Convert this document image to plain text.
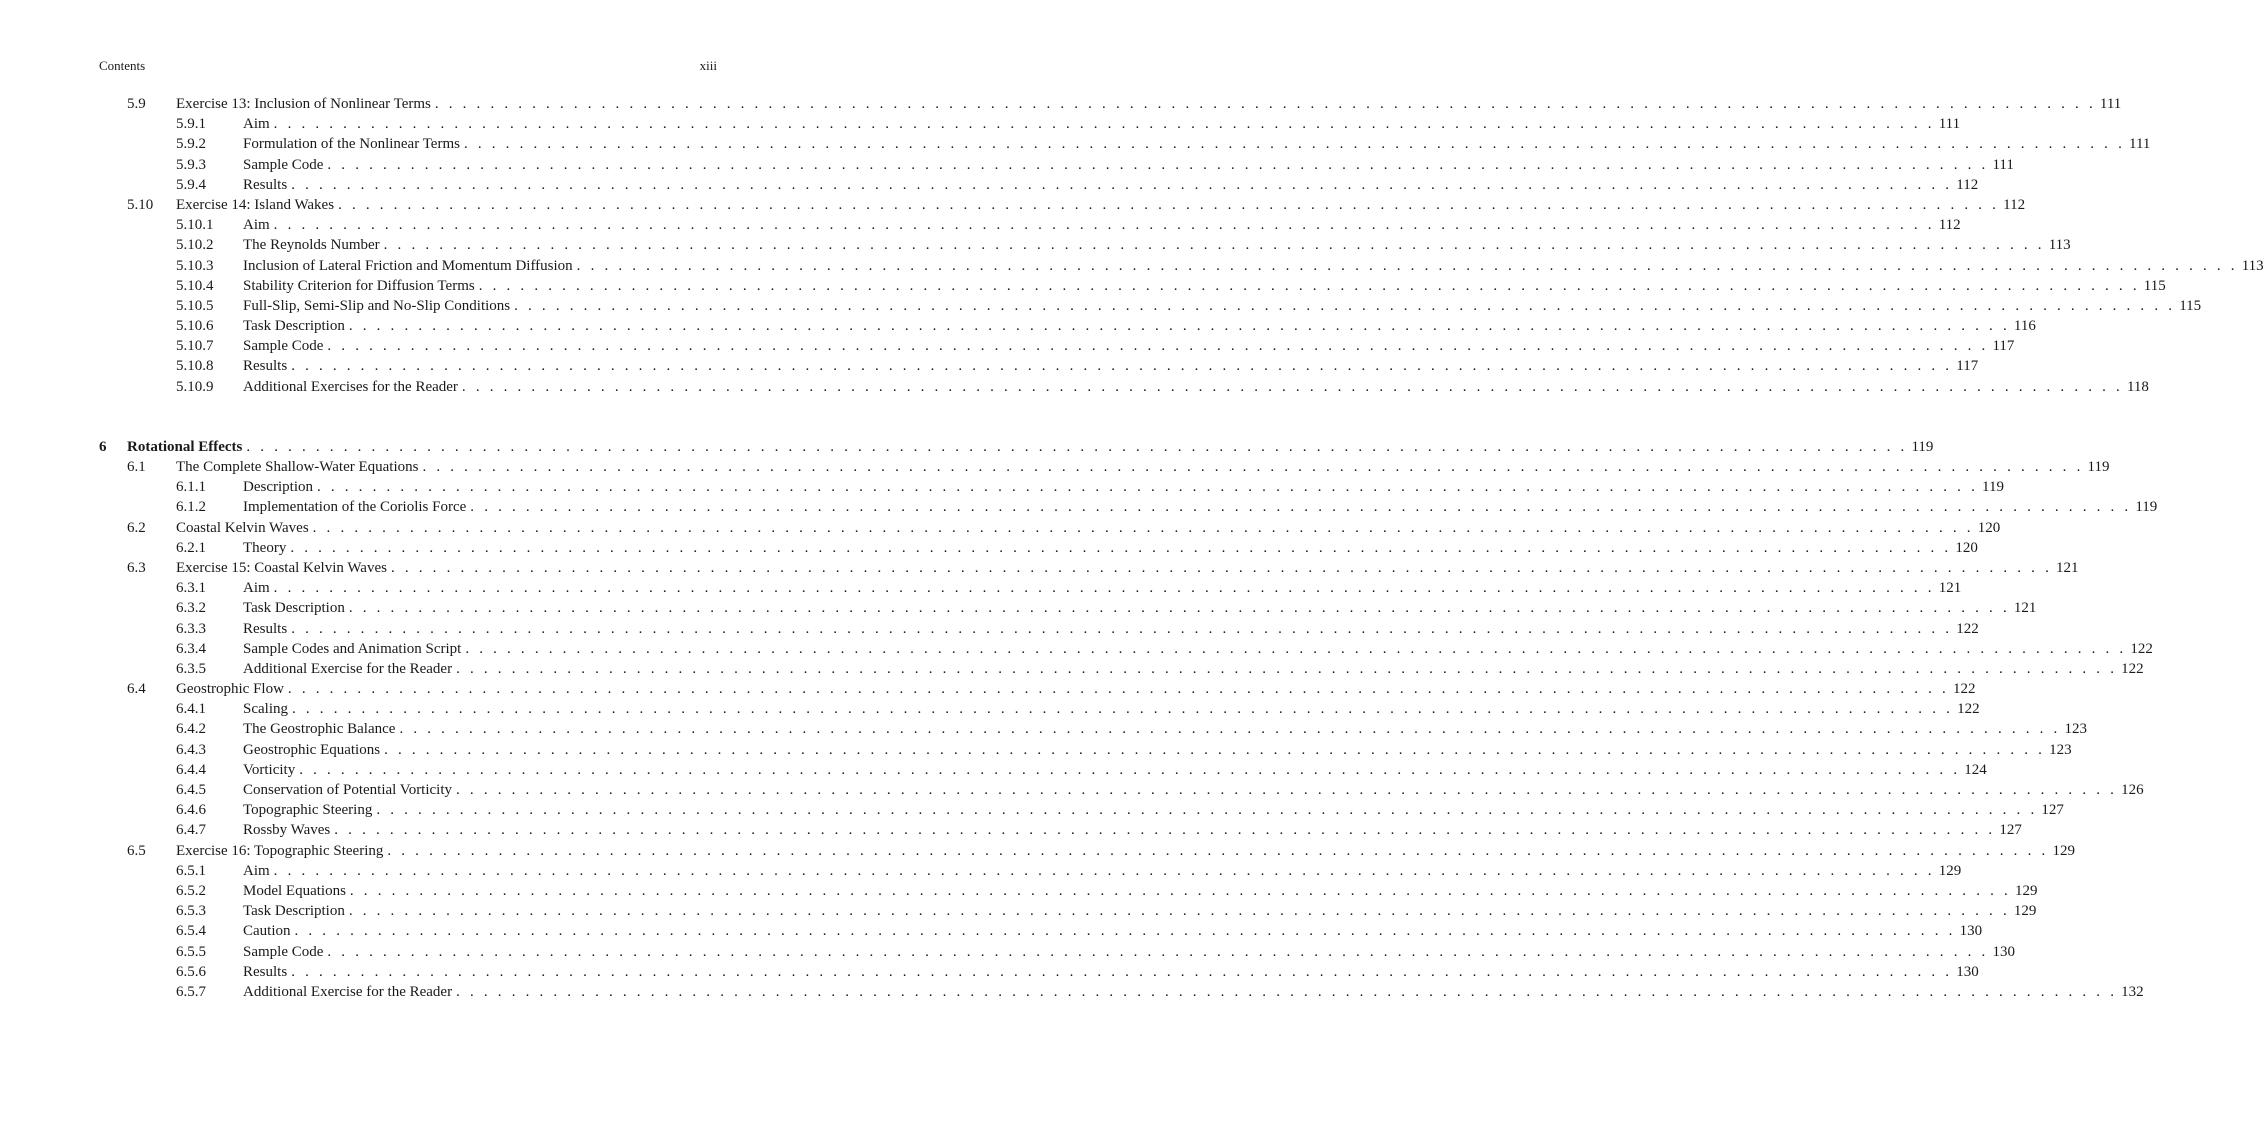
Contents	xiii
5.9 Exercise 13: Inclusion of Nonlinear Terms . . . . . . . . . . . . . . . . . . . . . . . . . . . . . . . . . . . . . . . . . . . . . . . . . . . . . . . . . . . . . . . . . . . . . . . . . . . . . . . . . . . . . . . . . . . . . . . . . . . . . . . . . . . . . . . . . . . . . . . . 111
5.9.1 Aim . . . . . . . . . . . . . . . . . . . . . . . . . . . . . . . . . . . . . . . . . . . . . . . . . . . . . . . . . . . . . . . . . . . . . . . . . . . . . . . . . . . . . . . . . . . . . . . . . . . . . . . . . . . . . . . . . . . . . . . . 111
5.9.2 Formulation of the Nonlinear Terms . . . . . . . . . . . . . . . . . . . . . . . . . . . . . . . . . . . . . . . . . . . . . . . . . . . . . . . . . . . . . . . . . . . . . . . . . . . . . . . . . . . . . . . . . . . . . . . . . . . . . . . . . . . . . . . . . . . . . . . . 111
5.9.3 Sample Code . . . . . . . . . . . . . . . . . . . . . . . . . . . . . . . . . . . . . . . . . . . . . . . . . . . . . . . . . . . . . . . . . . . . . . . . . . . . . . . . . . . . . . . . . . . . . . . . . . . . . . . . . . . . . . . . . . . . . . . . 111
5.9.4 Results . . . . . . . . . . . . . . . . . . . . . . . . . . . . . . . . . . . . . . . . . . . . . . . . . . . . . . . . . . . . . . . . . . . . . . . . . . . . . . . . . . . . . . . . . . . . . . . . . . . . . . . . . . . . . . . . . . . . . . . . 112
5.10 Exercise 14: Island Wakes . . . . . . . . . . . . . . . . . . . . . . . . . . . . . . . . . . . . . . . . . . . . . . . . . . . . . . . . . . . . . . . . . . . . . . . . . . . . . . . . . . . . . . . . . . . . . . . . . . . . . . . . . . . . . . . . . . . . . . . . 112
5.10.1 Aim . . . . . . . . . . . . . . . . . . . . . . . . . . . . . . . . . . . . . . . . . . . . . . . . . . . . . . . . . . . . . . . . . . . . . . . . . . . . . . . . . . . . . . . . . . . . . . . . . . . . . . . . . . . . . . . . . . . . . . . . 112
5.10.2 The Reynolds Number . . . . . . . . . . . . . . . . . . . . . . . . . . . . . . . . . . . . . . . . . . . . . . . . . . . . . . . . . . . . . . . . . . . . . . . . . . . . . . . . . . . . . . . . . . . . . . . . . . . . . . . . . . . . . . . . . . . . . . . . 113
5.10.3 Inclusion of Lateral Friction and Momentum Diffusion . . . . . . . . . . . . . . . . . . . . . . . . . . . . . . . . . . . . . . . . . . . . . . . . . . . . . . . . . . . . . . . . . . . . . . . . . . . . . . . . . . . . . . . . . . . . . . . . . . . . . . . . . . . . . . . . . . . . . . . . 113
5.10.4 Stability Criterion for Diffusion Terms . . . . . . . . . . . . . . . . . . . . . . . . . . . . . . . . . . . . . . . . . . . . . . . . . . . . . . . . . . . . . . . . . . . . . . . . . . . . . . . . . . . . . . . . . . . . . . . . . . . . . . . . . . . . . . . . . . . . . . . . 115
5.10.5 Full-Slip, Semi-Slip and No-Slip Conditions . . . . . . . . . . . . . . . . . . . . . . . . . . . . . . . . . . . . . . . . . . . . . . . . . . . . . . . . . . . . . . . . . . . . . . . . . . . . . . . . . . . . . . . . . . . . . . . . . . . . . . . . . . . . . . . . . . . . . . . . 115
5.10.6 Task Description . . . . . . . . . . . . . . . . . . . . . . . . . . . . . . . . . . . . . . . . . . . . . . . . . . . . . . . . . . . . . . . . . . . . . . . . . . . . . . . . . . . . . . . . . . . . . . . . . . . . . . . . . . . . . . . . . . . . . . . . 116
5.10.7 Sample Code . . . . . . . . . . . . . . . . . . . . . . . . . . . . . . . . . . . . . . . . . . . . . . . . . . . . . . . . . . . . . . . . . . . . . . . . . . . . . . . . . . . . . . . . . . . . . . . . . . . . . . . . . . . . . . . . . . . . . . . . 117
5.10.8 Results . . . . . . . . . . . . . . . . . . . . . . . . . . . . . . . . . . . . . . . . . . . . . . . . . . . . . . . . . . . . . . . . . . . . . . . . . . . . . . . . . . . . . . . . . . . . . . . . . . . . . . . . . . . . . . . . . . . . . . . . 117
5.10.9 Additional Exercises for the Reader . . . . . . . . . . . . . . . . . . . . . . . . . . . . . . . . . . . . . . . . . . . . . . . . . . . . . . . . . . . . . . . . . . . . . . . . . . . . . . . . . . . . . . . . . . . . . . . . . . . . . . . . . . . . . . . . . . . . . . . . 118
6 Rotational Effects . . . . . . . . . . . . . . . . . . . . . . . . . . . . . . . . . . . . . . . . . . . . . . . . . . . . . . . . . . . . . . . . . . . . . . . . . . . . . . . . . . . . . . . . . . . . . . . . . . . . . . . . . . . . . . . . . . . . . . . . 119
6.1 The Complete Shallow-Water Equations . . . . . . . . . . . . . . . . . . . . . . . . . . . . . . . . . . . . . . . . . . . . . . . . . . . . . . . . . . . . . . . . . . . . . . . . . . . . . . . . . . . . . . . . . . . . . . . . . . . . . . . . . . . . . . . . . . . . . . . . 119
6.1.1 Description . . . . . . . . . . . . . . . . . . . . . . . . . . . . . . . . . . . . . . . . . . . . . . . . . . . . . . . . . . . . . . . . . . . . . . . . . . . . . . . . . . . . . . . . . . . . . . . . . . . . . . . . . . . . . . . . . . . . . . . . 119
6.1.2 Implementation of the Coriolis Force . . . . . . . . . . . . . . . . . . . . . . . . . . . . . . . . . . . . . . . . . . . . . . . . . . . . . . . . . . . . . . . . . . . . . . . . . . . . . . . . . . . . . . . . . . . . . . . . . . . . . . . . . . . . . . . . . . . . . . . . 119
6.2 Coastal Kelvin Waves . . . . . . . . . . . . . . . . . . . . . . . . . . . . . . . . . . . . . . . . . . . . . . . . . . . . . . . . . . . . . . . . . . . . . . . . . . . . . . . . . . . . . . . . . . . . . . . . . . . . . . . . . . . . . . . . . . . . . . . . 120
6.2.1 Theory . . . . . . . . . . . . . . . . . . . . . . . . . . . . . . . . . . . . . . . . . . . . . . . . . . . . . . . . . . . . . . . . . . . . . . . . . . . . . . . . . . . . . . . . . . . . . . . . . . . . . . . . . . . . . . . . . . . . . . . . 120
6.3 Exercise 15: Coastal Kelvin Waves . . . . . . . . . . . . . . . . . . . . . . . . . . . . . . . . . . . . . . . . . . . . . . . . . . . . . . . . . . . . . . . . . . . . . . . . . . . . . . . . . . . . . . . . . . . . . . . . . . . . . . . . . . . . . . . . . . . . . . . . 121
6.3.1 Aim . . . . . . . . . . . . . . . . . . . . . . . . . . . . . . . . . . . . . . . . . . . . . . . . . . . . . . . . . . . . . . . . . . . . . . . . . . . . . . . . . . . . . . . . . . . . . . . . . . . . . . . . . . . . . . . . . . . . . . . . 121
6.3.2 Task Description . . . . . . . . . . . . . . . . . . . . . . . . . . . . . . . . . . . . . . . . . . . . . . . . . . . . . . . . . . . . . . . . . . . . . . . . . . . . . . . . . . . . . . . . . . . . . . . . . . . . . . . . . . . . . . . . . . . . . . . . 121
6.3.3 Results . . . . . . . . . . . . . . . . . . . . . . . . . . . . . . . . . . . . . . . . . . . . . . . . . . . . . . . . . . . . . . . . . . . . . . . . . . . . . . . . . . . . . . . . . . . . . . . . . . . . . . . . . . . . . . . . . . . . . . . . 122
6.3.4 Sample Codes and Animation Script . . . . . . . . . . . . . . . . . . . . . . . . . . . . . . . . . . . . . . . . . . . . . . . . . . . . . . . . . . . . . . . . . . . . . . . . . . . . . . . . . . . . . . . . . . . . . . . . . . . . . . . . . . . . . . . . . . . . . . . . 122
6.3.5 Additional Exercise for the Reader . . . . . . . . . . . . . . . . . . . . . . . . . . . . . . . . . . . . . . . . . . . . . . . . . . . . . . . . . . . . . . . . . . . . . . . . . . . . . . . . . . . . . . . . . . . . . . . . . . . . . . . . . . . . . . . . . . . . . . . . 122
6.4 Geostrophic Flow . . . . . . . . . . . . . . . . . . . . . . . . . . . . . . . . . . . . . . . . . . . . . . . . . . . . . . . . . . . . . . . . . . . . . . . . . . . . . . . . . . . . . . . . . . . . . . . . . . . . . . . . . . . . . . . . . . . . . . . . 122
6.4.1 Scaling . . . . . . . . . . . . . . . . . . . . . . . . . . . . . . . . . . . . . . . . . . . . . . . . . . . . . . . . . . . . . . . . . . . . . . . . . . . . . . . . . . . . . . . . . . . . . . . . . . . . . . . . . . . . . . . . . . . . . . . . 122
6.4.2 The Geostrophic Balance . . . . . . . . . . . . . . . . . . . . . . . . . . . . . . . . . . . . . . . . . . . . . . . . . . . . . . . . . . . . . . . . . . . . . . . . . . . . . . . . . . . . . . . . . . . . . . . . . . . . . . . . . . . . . . . . . . . . . . . . 123
6.4.3 Geostrophic Equations . . . . . . . . . . . . . . . . . . . . . . . . . . . . . . . . . . . . . . . . . . . . . . . . . . . . . . . . . . . . . . . . . . . . . . . . . . . . . . . . . . . . . . . . . . . . . . . . . . . . . . . . . . . . . . . . . . . . . . . . 123
6.4.4 Vorticity . . . . . . . . . . . . . . . . . . . . . . . . . . . . . . . . . . . . . . . . . . . . . . . . . . . . . . . . . . . . . . . . . . . . . . . . . . . . . . . . . . . . . . . . . . . . . . . . . . . . . . . . . . . . . . . . . . . . . . . . 124
6.4.5 Conservation of Potential Vorticity . . . . . . . . . . . . . . . . . . . . . . . . . . . . . . . . . . . . . . . . . . . . . . . . . . . . . . . . . . . . . . . . . . . . . . . . . . . . . . . . . . . . . . . . . . . . . . . . . . . . . . . . . . . . . . . . . . . . . . . . 126
6.4.6 Topographic Steering . . . . . . . . . . . . . . . . . . . . . . . . . . . . . . . . . . . . . . . . . . . . . . . . . . . . . . . . . . . . . . . . . . . . . . . . . . . . . . . . . . . . . . . . . . . . . . . . . . . . . . . . . . . . . . . . . . . . . . . . 127
6.4.7 Rossby Waves . . . . . . . . . . . . . . . . . . . . . . . . . . . . . . . . . . . . . . . . . . . . . . . . . . . . . . . . . . . . . . . . . . . . . . . . . . . . . . . . . . . . . . . . . . . . . . . . . . . . . . . . . . . . . . . . . . . . . . . . 127
6.5 Exercise 16: Topographic Steering . . . . . . . . . . . . . . . . . . . . . . . . . . . . . . . . . . . . . . . . . . . . . . . . . . . . . . . . . . . . . . . . . . . . . . . . . . . . . . . . . . . . . . . . . . . . . . . . . . . . . . . . . . . . . . . . . . . . . . . . 129
6.5.1 Aim . . . . . . . . . . . . . . . . . . . . . . . . . . . . . . . . . . . . . . . . . . . . . . . . . . . . . . . . . . . . . . . . . . . . . . . . . . . . . . . . . . . . . . . . . . . . . . . . . . . . . . . . . . . . . . . . . . . . . . . . 129
6.5.2 Model Equations . . . . . . . . . . . . . . . . . . . . . . . . . . . . . . . . . . . . . . . . . . . . . . . . . . . . . . . . . . . . . . . . . . . . . . . . . . . . . . . . . . . . . . . . . . . . . . . . . . . . . . . . . . . . . . . . . . . . . . . . 129
6.5.3 Task Description . . . . . . . . . . . . . . . . . . . . . . . . . . . . . . . . . . . . . . . . . . . . . . . . . . . . . . . . . . . . . . . . . . . . . . . . . . . . . . . . . . . . . . . . . . . . . . . . . . . . . . . . . . . . . . . . . . . . . . . . 129
6.5.4 Caution . . . . . . . . . . . . . . . . . . . . . . . . . . . . . . . . . . . . . . . . . . . . . . . . . . . . . . . . . . . . . . . . . . . . . . . . . . . . . . . . . . . . . . . . . . . . . . . . . . . . . . . . . . . . . . . . . . . . . . . . 130
6.5.5 Sample Code . . . . . . . . . . . . . . . . . . . . . . . . . . . . . . . . . . . . . . . . . . . . . . . . . . . . . . . . . . . . . . . . . . . . . . . . . . . . . . . . . . . . . . . . . . . . . . . . . . . . . . . . . . . . . . . . . . . . . . . . 130
6.5.6 Results . . . . . . . . . . . . . . . . . . . . . . . . . . . . . . . . . . . . . . . . . . . . . . . . . . . . . . . . . . . . . . . . . . . . . . . . . . . . . . . . . . . . . . . . . . . . . . . . . . . . . . . . . . . . . . . . . . . . . . . . 130
6.5.7 Additional Exercise for the Reader . . . . . . . . . . . . . . . . . . . . . . . . . . . . . . . . . . . . . . . . . . . . . . . . . . . . . . . . . . . . . . . . . . . . . . . . . . . . . . . . . . . . . . . . . . . . . . . . . . . . . . . . . . . . . . . . . . . . . . . . 132
